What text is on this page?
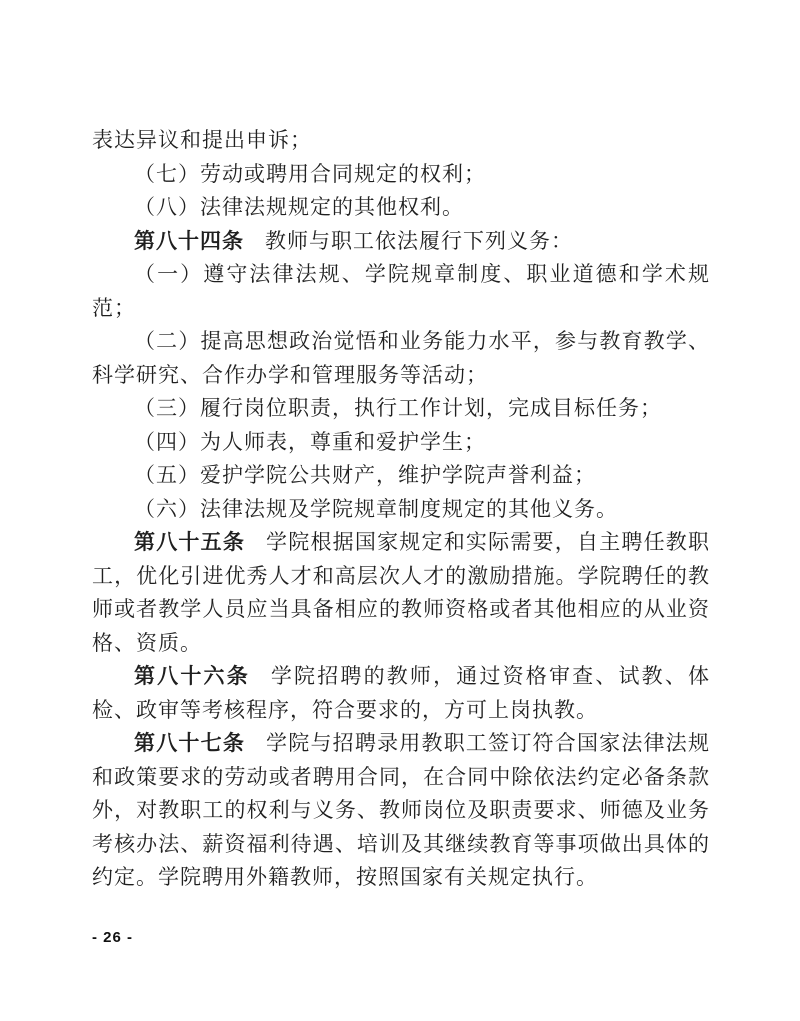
表达异议和提出申诉；

（七）劳动或聘用合同规定的权利；

（八）法律法规规定的其他权利。

第八十四条 教师与职工依法履行下列义务：

（一）遵守法律法规、学院规章制度、职业道德和学术规范；

（二）提高思想政治觉悟和业务能力水平，参与教育教学、科学研究、合作办学和管理服务等活动；

（三）履行岗位职责，执行工作计划，完成目标任务；

（四）为人师表，尊重和爱护学生；

（五）爱护学院公共财产，维护学院声誉利益；

（六）法律法规及学院规章制度规定的其他义务。

第八十五条 学院根据国家规定和实际需要，自主聘任教职工，优化引进优秀人才和高层次人才的激励措施。学院聘任的教师或者教学人员应当具备相应的教师资格或者其他相应的从业资格、资质。

第八十六条 学院招聘的教师，通过资格审查、试教、体检、政审等考核程序，符合要求的，方可上岗执教。

第八十七条 学院与招聘录用教职工签订符合国家法律法规和政策要求的劳动或者聘用合同，在合同中除依法约定必备条款外，对教职工的权利与义务、教师岗位及职责要求、师德及业务考核办法、薪资福利待遇、培训及其继续教育等事项做出具体的约定。学院聘用外籍教师，按照国家有关规定执行。

- 26 -
